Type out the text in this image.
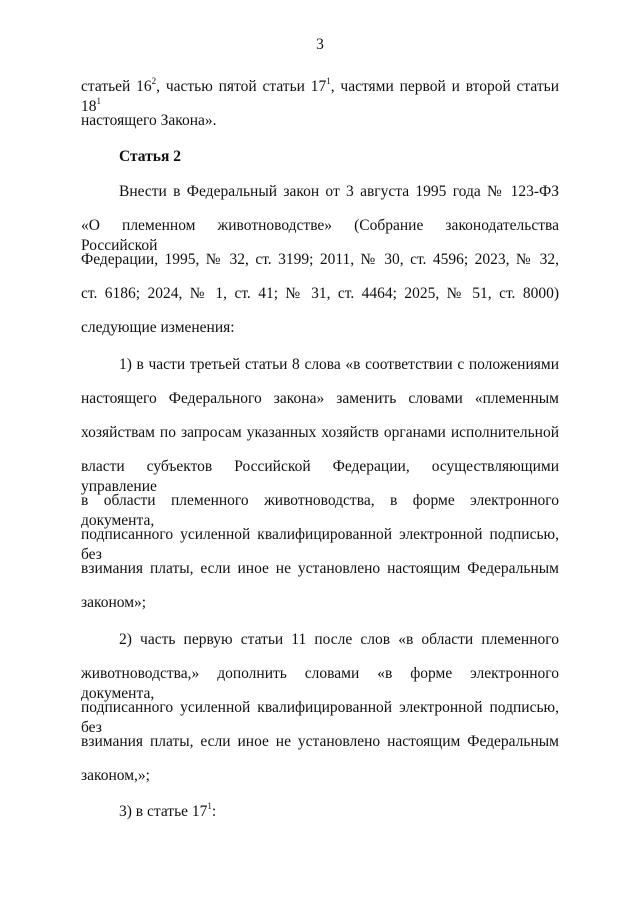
3
статьей $16^2$, частью пятой статьи $17^1$, частями первой и второй статьи $18^1$
настоящего Закона».
Статья 2
Внести в Федеральный закон от 3 августа 1995 года № 123-ФЗ
«О племенном животноводстве» (Собрание законодательства Российской
Федерации, 1995, № 32, ст. 3199; 2011, № 30, ст. 4596; 2023, № 32,
ст. 6186; 2024, № 1, ст. 41; № 31, ст. 4464; 2025, № 51, ст. 8000)
следующие изменения:
1) в части третьей статьи 8 слова «в соответствии с положениями
настоящего Федерального закона» заменить словами «племенным
хозяйствам по запросам указанных хозяйств органами исполнительной
власти субъектов Российской Федерации, осуществляющими управление
в области племенного животноводства, в форме электронного документа,
подписанного усиленной квалифицированной электронной подписью, без
взимания платы, если иное не установлено настоящим Федеральным
законом»;
2) часть первую статьи 11 после слов «в области племенного
животноводства,» дополнить словами «в форме электронного документа,
подписанного усиленной квалифицированной электронной подписью, без
взимания платы, если иное не установлено настоящим Федеральным
законом,»;
3) в статье $17^1$:
